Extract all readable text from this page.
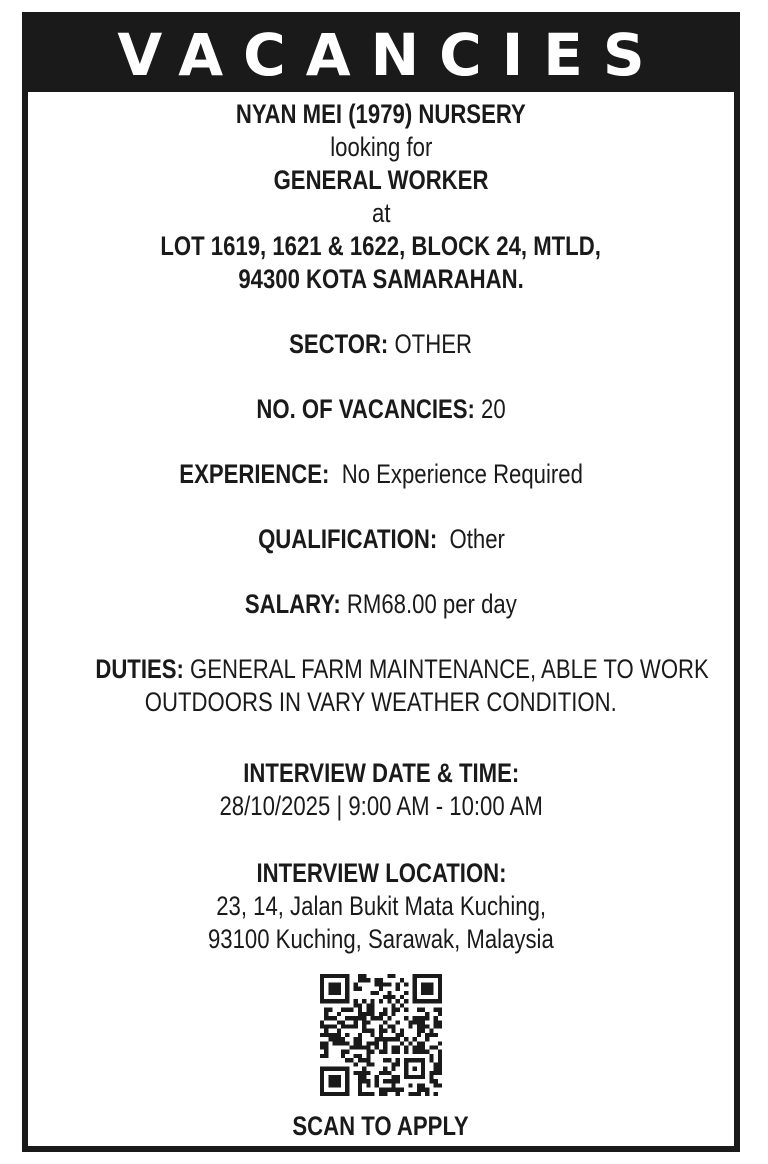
VACANCIES
NYAN MEI (1979) NURSERY
looking for
GENERAL WORKER
at
LOT 1619, 1621 & 1622, BLOCK 24, MTLD,
94300 KOTA SAMARAHAN.
SECTOR: OTHER
NO. OF VACANCIES: 20
EXPERIENCE:  No Experience Required
QUALIFICATION:  Other
SALARY: RM68.00 per day
DUTIES: GENERAL FARM MAINTENANCE, ABLE TO WORK
OUTDOORS IN VARY WEATHER CONDITION.
INTERVIEW DATE & TIME:
28/10/2025 | 9:00 AM - 10:00 AM
INTERVIEW LOCATION:
23, 14, Jalan Bukit Mata Kuching,
93100 Kuching, Sarawak, Malaysia
SCAN TO APPLY
